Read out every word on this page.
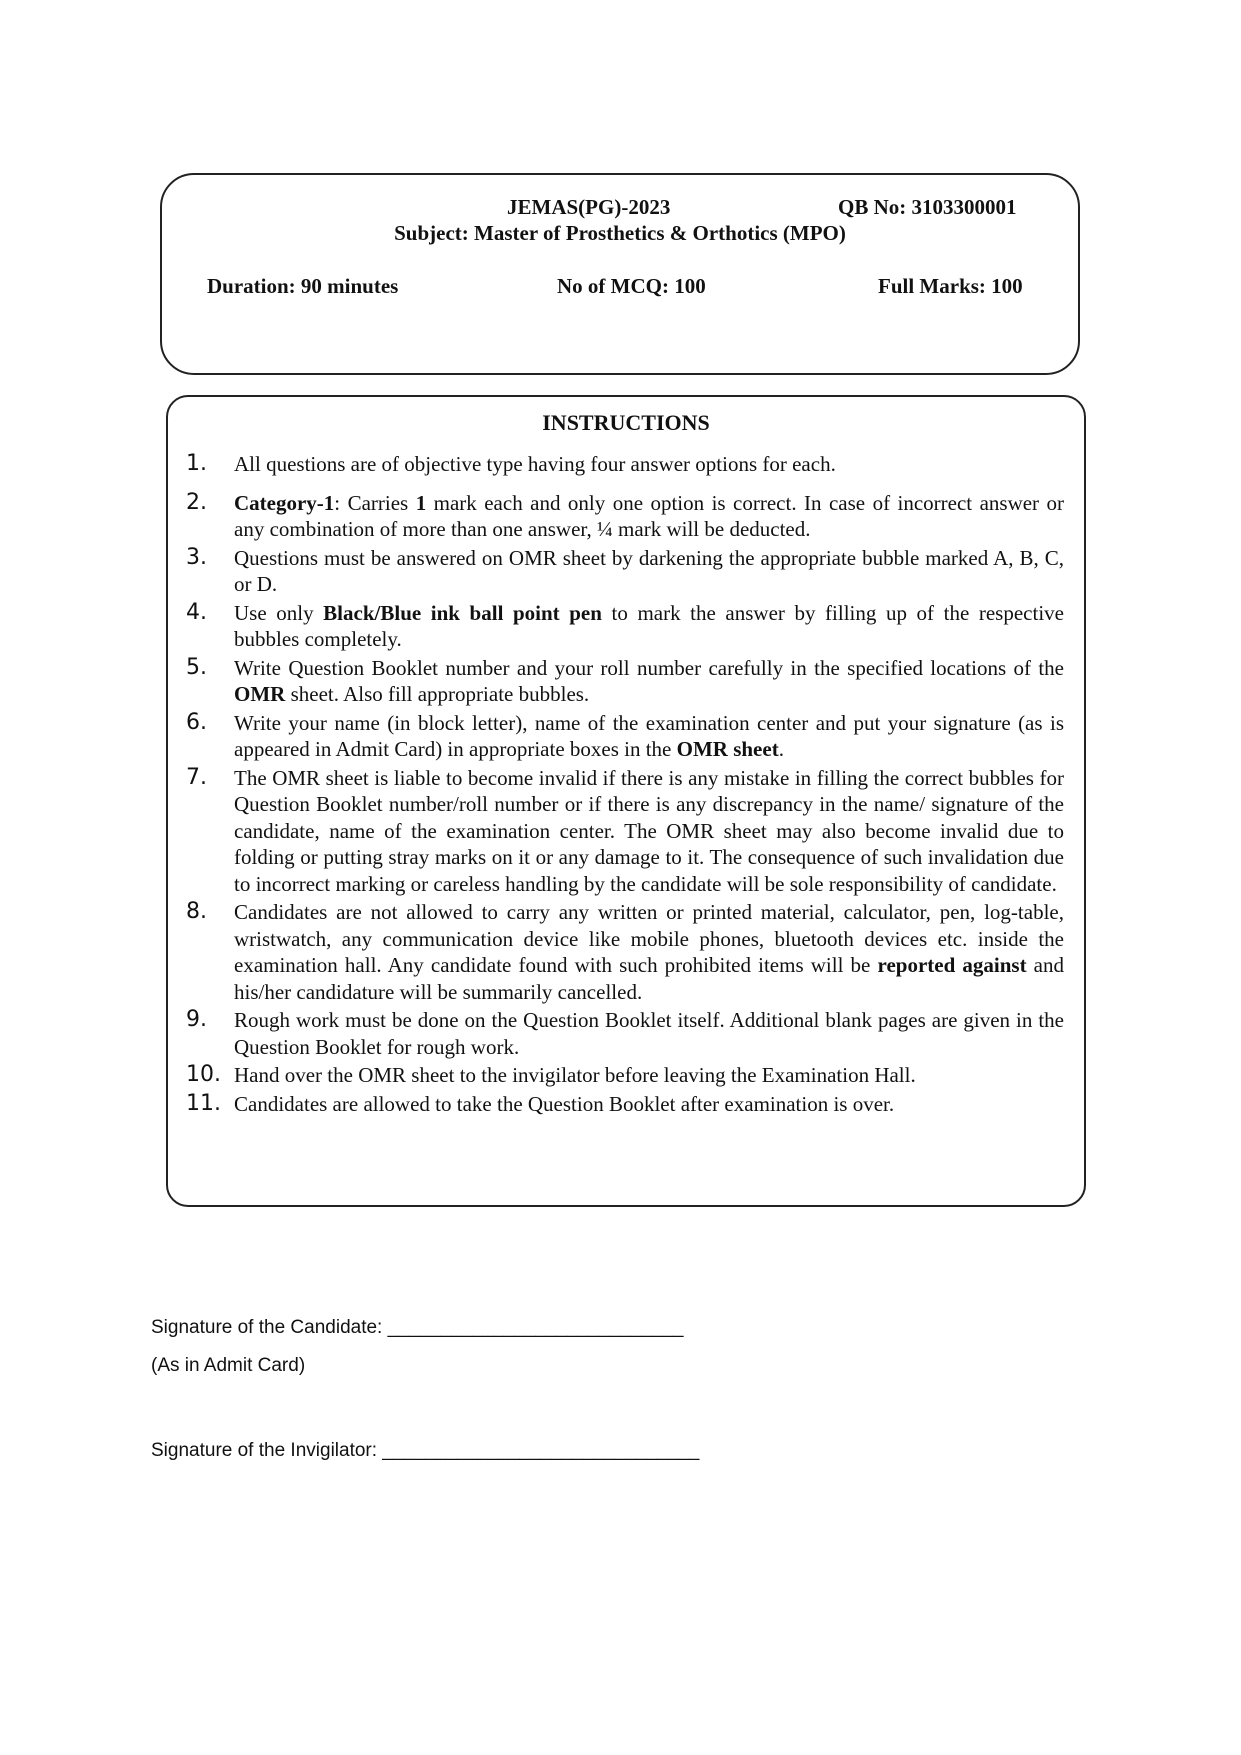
JEMAS(PG)-2023	QB No: 3103300001
Subject: Master of Prosthetics & Orthotics (MPO)
Duration: 90 minutes	No of MCQ: 100	Full Marks: 100
INSTRUCTIONS
1.	All questions are of objective type having four answer options for each.
2.	Category-1: Carries 1 mark each and only one option is correct. In case of incorrect answer or any combination of more than one answer, ¼ mark will be deducted.
3.	Questions must be answered on OMR sheet by darkening the appropriate bubble marked A, B, C, or D.
4.	Use only Black/Blue ink ball point pen to mark the answer by filling up of the respective bubbles completely.
5.	Write Question Booklet number and your roll number carefully in the specified locations of the OMR sheet. Also fill appropriate bubbles.
6.	Write your name (in block letter), name of the examination center and put your signature (as is appeared in Admit Card) in appropriate boxes in the OMR sheet.
7.	The OMR sheet is liable to become invalid if there is any mistake in filling the correct bubbles for Question Booklet number/roll number or if there is any discrepancy in the name/ signature of the candidate, name of the examination center. The OMR sheet may also become invalid due to folding or putting stray marks on it or any damage to it. The consequence of such invalidation due to incorrect marking or careless handling by the candidate will be sole responsibility of candidate.
8.	Candidates are not allowed to carry any written or printed material, calculator, pen, log-table, wristwatch, any communication device like mobile phones, bluetooth devices etc. inside the examination hall. Any candidate found with such prohibited items will be reported against and his/her candidature will be summarily cancelled.
9.	Rough work must be done on the Question Booklet itself. Additional blank pages are given in the Question Booklet for rough work.
10. Hand over the OMR sheet to the invigilator before leaving the Examination Hall.
11. Candidates are allowed to take the Question Booklet after examination is over.
Signature of the Candidate: ____________________________
(As in Admit Card)
Signature of the Invigilator: ______________________________
